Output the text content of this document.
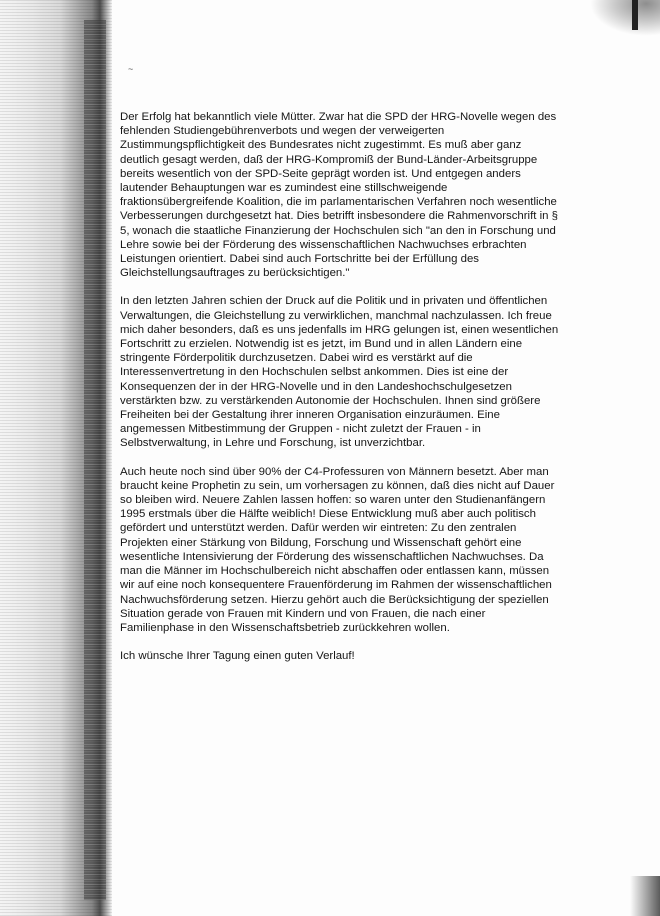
~

Der Erfolg hat bekanntlich viele Mütter. Zwar hat die SPD der HRG-Novelle wegen des fehlenden Studiengebührenverbots und wegen der verweigerten Zustimmungspflichtigkeit des Bundesrates nicht zugestimmt. Es muß aber ganz deutlich gesagt werden, daß der HRG-Kompromiß der Bund-Länder-Arbeitsgruppe bereits wesentlich von der SPD-Seite geprägt worden ist. Und entgegen anders lautender Behauptungen war es zumindest eine stillschweigende fraktionsübergreifende Koalition, die im parlamentarischen Verfahren noch wesentliche Verbesserungen durchgesetzt hat. Dies betrifft insbesondere die Rahmenvorschrift in § 5, wonach die staatliche Finanzierung der Hochschulen sich "an den in Forschung und Lehre sowie bei der Förderung des wissenschaftlichen Nachwuchses erbrachten Leistungen orientiert. Dabei sind auch Fortschritte bei der Erfüllung des Gleichstellungsauftrages zu berücksichtigen."

In den letzten Jahren schien der Druck auf die Politik und in privaten und öffentlichen Verwaltungen, die Gleichstellung zu verwirklichen, manchmal nachzulassen. Ich freue mich daher besonders, daß es uns jedenfalls im HRG gelungen ist, einen wesentlichen Fortschritt zu erzielen. Notwendig ist es jetzt, im Bund und in allen Ländern eine stringente Förderpolitik durchzusetzen. Dabei wird es verstärkt auf die Interessenvertretung in den Hochschulen selbst ankommen. Dies ist eine der Konsequenzen der in der HRG-Novelle und in den Landeshochschulgesetzen verstärkten bzw. zu verstärkenden Autonomie der Hochschulen. Ihnen sind größere Freiheiten bei der Gestaltung ihrer inneren Organisation einzuräumen. Eine angemessen Mitbestimmung der Gruppen - nicht zuletzt der Frauen - in Selbstverwaltung, in Lehre und Forschung, ist unverzichtbar.

Auch heute noch sind über 90% der C4-Professuren von Männern besetzt. Aber man braucht keine Prophetin zu sein, um vorhersagen zu können, daß dies nicht auf Dauer so bleiben wird. Neuere Zahlen lassen hoffen: so waren unter den Studienanfängern 1995 erstmals über die Hälfte weiblich! Diese Entwicklung muß aber auch politisch gefördert und unterstützt werden. Dafür werden wir eintreten: Zu den zentralen Projekten einer Stärkung von Bildung, Forschung und Wissenschaft gehört eine wesentliche Intensivierung der Förderung des wissenschaftlichen Nachwuchses. Da man die Männer im Hochschulbereich nicht abschaffen oder entlassen kann, müssen wir auf eine noch konsequentere Frauenförderung im Rahmen der wissenschaftlichen Nachwuchsförderung setzen. Hierzu gehört auch die Berücksichtigung der speziellen Situation gerade von Frauen mit Kindern und von Frauen, die nach einer Familienphase in den Wissenschaftsbetrieb zurückkehren wollen.

Ich wünsche Ihrer Tagung einen guten Verlauf!
